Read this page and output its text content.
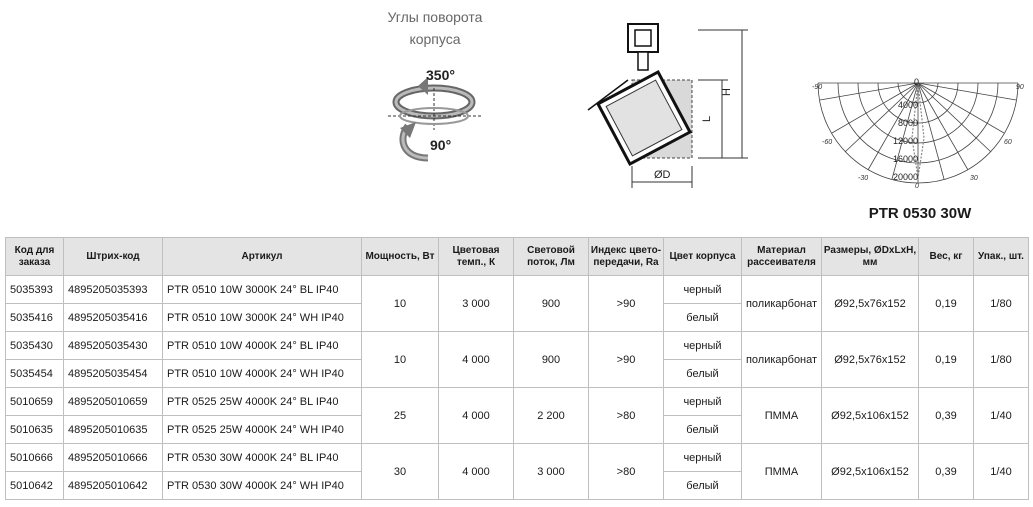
Углы поворота
корпуса
350°
90°
H
L
ØD
-90	90
-60	60
-30	30
0
0
4000
8000
12000
16000
20000
PTR 0530 30W
Код для заказа	Штрих-код	Артикул	Мощность, Вт	Цветовая темп., К	Световой поток, Лм	Индекс цвето-передачи, Ra	Цвет корпуса	Материал рассеивателя	Размеры, ØDxLxH, мм	Вес, кг	Упак., шт.
5035393	4895205035393	PTR 0510 10W 3000K 24° BL IP40	10	3 000	900	>90	черный	поликарбонат	Ø92,5x76x152	0,19	1/80
5035416	4895205035416	PTR 0510 10W 3000K 24° WH IP40					белый				
5035430	4895205035430	PTR 0510 10W 4000K 24° BL IP40	10	4 000	900	>90	черный	поликарбонат	Ø92,5x76x152	0,19	1/80
5035454	4895205035454	PTR 0510 10W 4000K 24° WH IP40					белый				
5010659	4895205010659	PTR 0525 25W 4000K 24° BL IP40	25	4 000	2 200	>80	черный	ПММА	Ø92,5x106x152	0,39	1/40
5010635	4895205010635	PTR 0525 25W 4000K 24° WH IP40					белый				
5010666	4895205010666	PTR 0530 30W 4000K 24° BL IP40	30	4 000	3 000	>80	черный	ПММА	Ø92,5x106x152	0,39	1/40
5010642	4895205010642	PTR 0530 30W 4000K 24° WH IP40					белый				
